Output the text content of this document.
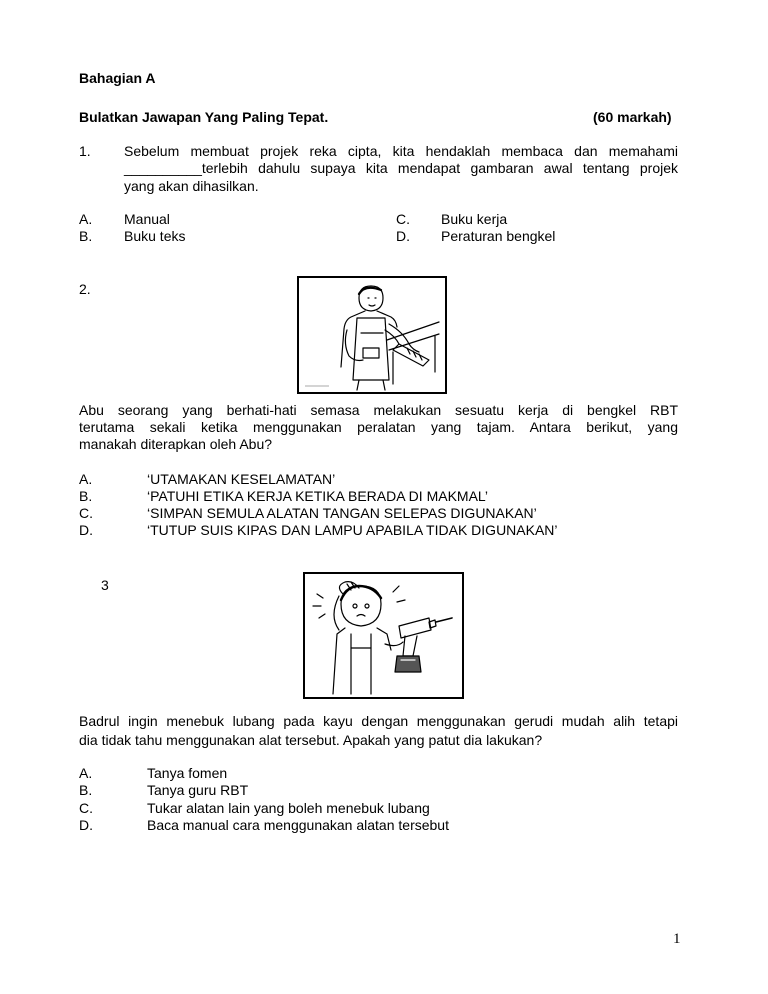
Bahagian A
Bulatkan Jawapan Yang Paling Tepat.	(60 markah)
1. Sebelum membuat projek reka cipta, kita hendaklah membaca dan memahami
__________terlebih dahulu supaya kita mendapat gambaran awal tentang projek
yang akan dihasilkan.
A. Manual
B. Buku teks
C. Buku kerja
D. Peraturan bengkel
2.
Abu seorang yang berhati-hati semasa melakukan sesuatu kerja di bengkel RBT
terutama sekali ketika menggunakan peralatan yang tajam. Antara berikut, yang
manakah diterapkan oleh Abu?
A.	‘UTAMAKAN KESELAMATAN’
B.	‘PATUHI ETIKA KERJA KETIKA BERADA DI MAKMAL’
C.	‘SIMPAN SEMULA ALATAN TANGAN SELEPAS DIGUNAKAN’
D.	‘TUTUP SUIS KIPAS DAN LAMPU APABILA TIDAK DIGUNAKAN’
3
Badrul ingin menebuk lubang pada kayu dengan menggunakan gerudi mudah alih tetapi
dia tidak tahu menggunakan alat tersebut. Apakah yang patut dia lakukan?
A.	Tanya fomen
B.	Tanya guru RBT
C.	Tukar alatan lain yang boleh menebuk lubang
D.	Baca manual cara menggunakan alatan tersebut
1
